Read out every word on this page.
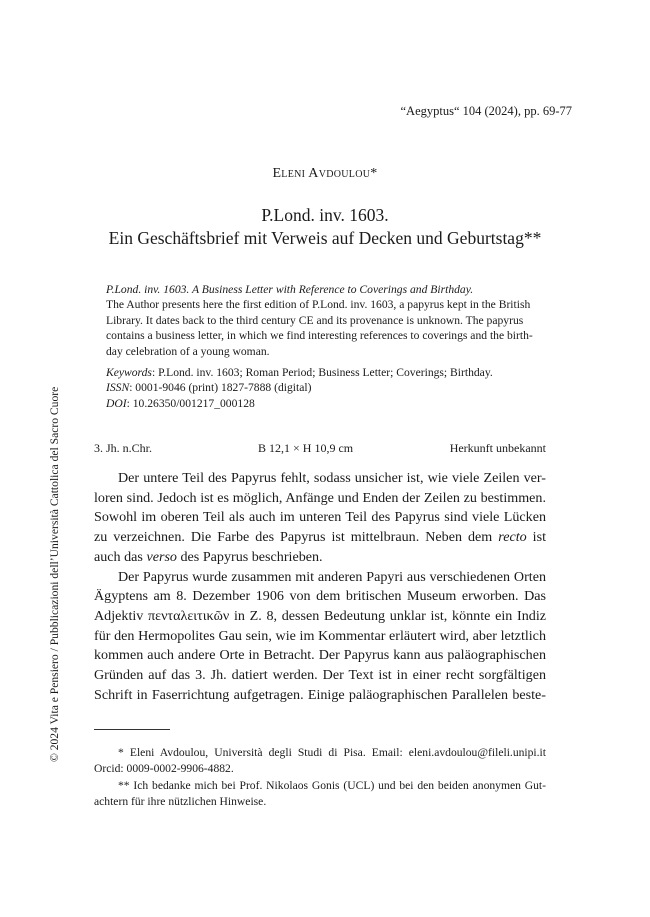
“Aegyptus“ 104 (2024), pp. 69-77
Eleni Avdoulou*
P.Lond. inv. 1603.
Ein Geschäftsbrief mit Verweis auf Decken und Geburtstag**
P.Lond. inv. 1603. A Business Letter with Reference to Coverings and Birthday.
The Author presents here the first edition of P.Lond. inv. 1603, a papyrus kept in the British
Library. It dates back to the third century CE and its provenance is unknown. The papyrus
contains a business letter, in which we find interesting references to coverings and the birth-
day celebration of a young woman.
Keywords: P.Lond. inv. 1603; Roman Period; Business Letter; Coverings; Birthday.
ISSN: 0001-9046 (print) 1827-7888 (digital)
DOI: 10.26350/001217_000128
3. Jh. n.Chr.	B 12,1 × H 10,9 cm	Herkunft unbekannt
Der untere Teil des Papyrus fehlt, sodass unsicher ist, wie viele Zeilen ver-
loren sind. Jedoch ist es möglich, Anfänge und Enden der Zeilen zu bestimmen.
Sowohl im oberen Teil als auch im unteren Teil des Papyrus sind viele Lücken
zu verzeichnen. Die Farbe des Papyrus ist mittelbraun. Neben dem recto ist
auch das verso des Papyrus beschrieben.
Der Papyrus wurde zusammen mit anderen Papyri aus verschiedenen Orten
Ägyptens am 8. Dezember 1906 von dem britischen Museum erworben. Das
Adjektiv πενταλειτικῶν in Z. 8, dessen Bedeutung unklar ist, könnte ein Indiz
für den Hermopolites Gau sein, wie im Kommentar erläutert wird, aber letztlich
kommen auch andere Orte in Betracht. Der Papyrus kann aus paläographischen
Gründen auf das 3. Jh. datiert werden. Der Text ist in einer recht sorgfältigen
Schrift in Faserrichtung aufgetragen. Einige paläographischen Parallelen beste-
* Eleni Avdoulou, Università degli Studi di Pisa. Email: eleni.avdoulou@fileli.unipi.it
Orcid: 0009-0002-9906-4882.
** Ich bedanke mich bei Prof. Nikolaos Gonis (UCL) und bei den beiden anonymen Gut-
achtern für ihre nützlichen Hinweise.
© 2024 Vita e Pensiero / Pubblicazioni dell’Università Cattolica del Sacro Cuore
